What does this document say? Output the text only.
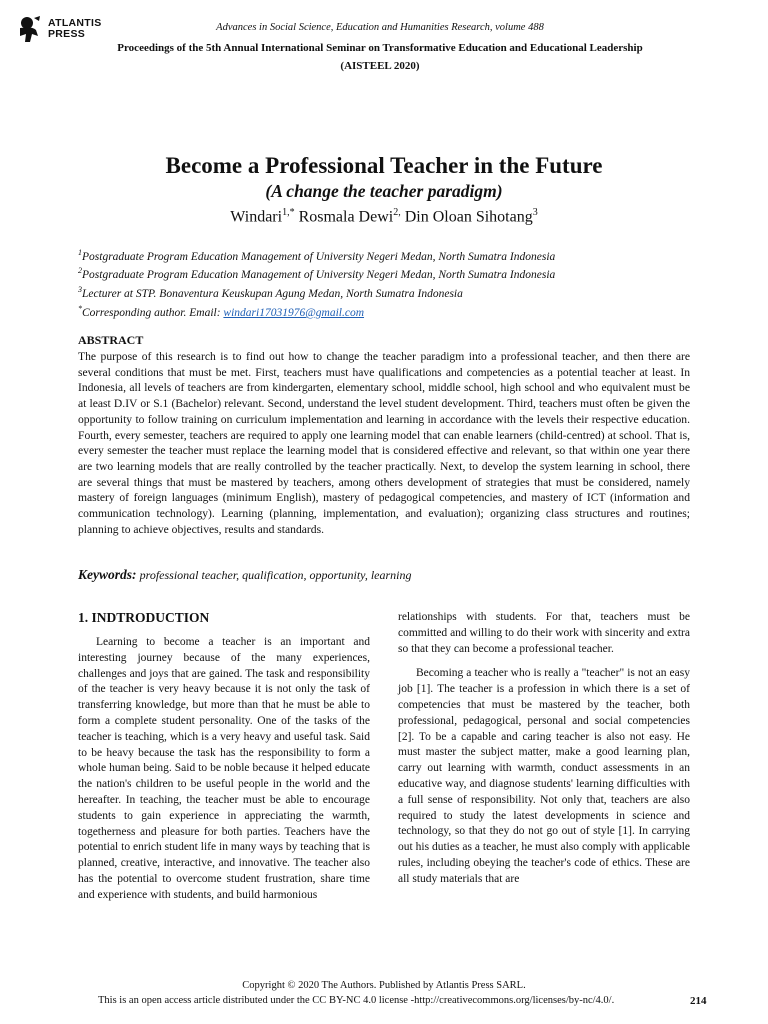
ATLANTIS
PRESS
Advances in Social Science, Education and Humanities Research, volume 488
Proceedings of the 5th Annual International Seminar on Transformative Education and Educational Leadership (AISTEEL 2020)
Become a Professional Teacher in the Future
(A change the teacher paradigm)
Windari$^{1,*}$ Rosmala Dewi$^{2,}$ Din Oloan Sihotang$^3$
$^1$Postgraduate Program Education Management of University Negeri Medan, North Sumatra Indonesia
$^2$Postgraduate Program Education Management of University Negeri Medan, North Sumatra Indonesia
$^3$Lecturer at STP. Bonaventura Keuskupan Agung Medan, North Sumatra Indonesia
*Corresponding author. Email: windari17031976@gmail.com
ABSTRACT
The purpose of this research is to find out how to change the teacher paradigm into a professional teacher, and then there are several conditions that must be met. First, teachers must have qualifications and competencies as a potential teacher at least. In Indonesia, all levels of teachers are from kindergarten, elementary school, middle school, high school and who equivalent must be at least D.IV or S.1 (Bachelor) relevant. Second, understand the level student development. Third, teachers must often be given the opportunity to follow training on curriculum implementation and learning in accordance with the levels their respective education. Fourth, every semester, teachers are required to apply one learning model that can enable learners (child-centred) at school. That is, every semester the teacher must replace the learning model that is considered effective and relevant, so that within one year there are two learning models that are really controlled by the teacher practically. Next, to develop the system learning in school, there are several things that must be mastered by teachers, among others development of strategies that must be considered, namely mastery of foreign languages (minimum English), mastery of pedagogical competencies, and mastery of ICT (information and communication technology). Learning (planning, implementation, and evaluation); organizing class structures and routines; planning to achieve objectives, results and standards.
Keywords: professional teacher, qualification, opportunity, learning
1. INDTRODUCTION

Learning to become a teacher is an important and interesting journey because of the many experiences, challenges and joys that are gained. The task and responsibility of the teacher is very heavy because it is not only the task of transferring knowledge, but more than that he must be able to form a complete student personality. One of the tasks of the teacher is teaching, which is a very heavy and useful task. Said to be heavy because the task has the responsibility to form a whole human being. Said to be noble because it helped educate the nation's children to be useful people in the world and the hereafter. In teaching, the teacher must be able to encourage students to gain experience in appreciating the warmth, togetherness and pleasure for both parties. Teachers have the potential to enrich student life in many ways by teaching that is planned, creative, interactive, and innovative. The teacher also has the potential to overcome student frustration, share time and experience with students, and build harmonious

relationships with students. For that, teachers must be committed and willing to do their work with sincerity and extra so that they can become a professional teacher.

Becoming a teacher who is really a "teacher" is not an easy job [1]. The teacher is a profession in which there is a set of competencies that must be mastered by the teacher, both professional, pedagogical, personal and social competencies [2]. To be a capable and caring teacher is also not easy. He must master the subject matter, make a good learning plan, carry out learning with warmth, conduct assessments in an educative way, and diagnose students' learning difficulties with a full sense of responsibility. Not only that, teachers are also required to study the latest developments in science and technology, so that they do not go out of style [1]. In carrying out his duties as a teacher, he must also comply with applicable rules, including obeying the teacher's code of ethics. These are all study materials that are

Copyright © 2020 The Authors. Published by Atlantis Press SARL.
This is an open access article distributed under the CC BY-NC 4.0 license -http://creativecommons.org/licenses/by-nc/4.0/.	214
